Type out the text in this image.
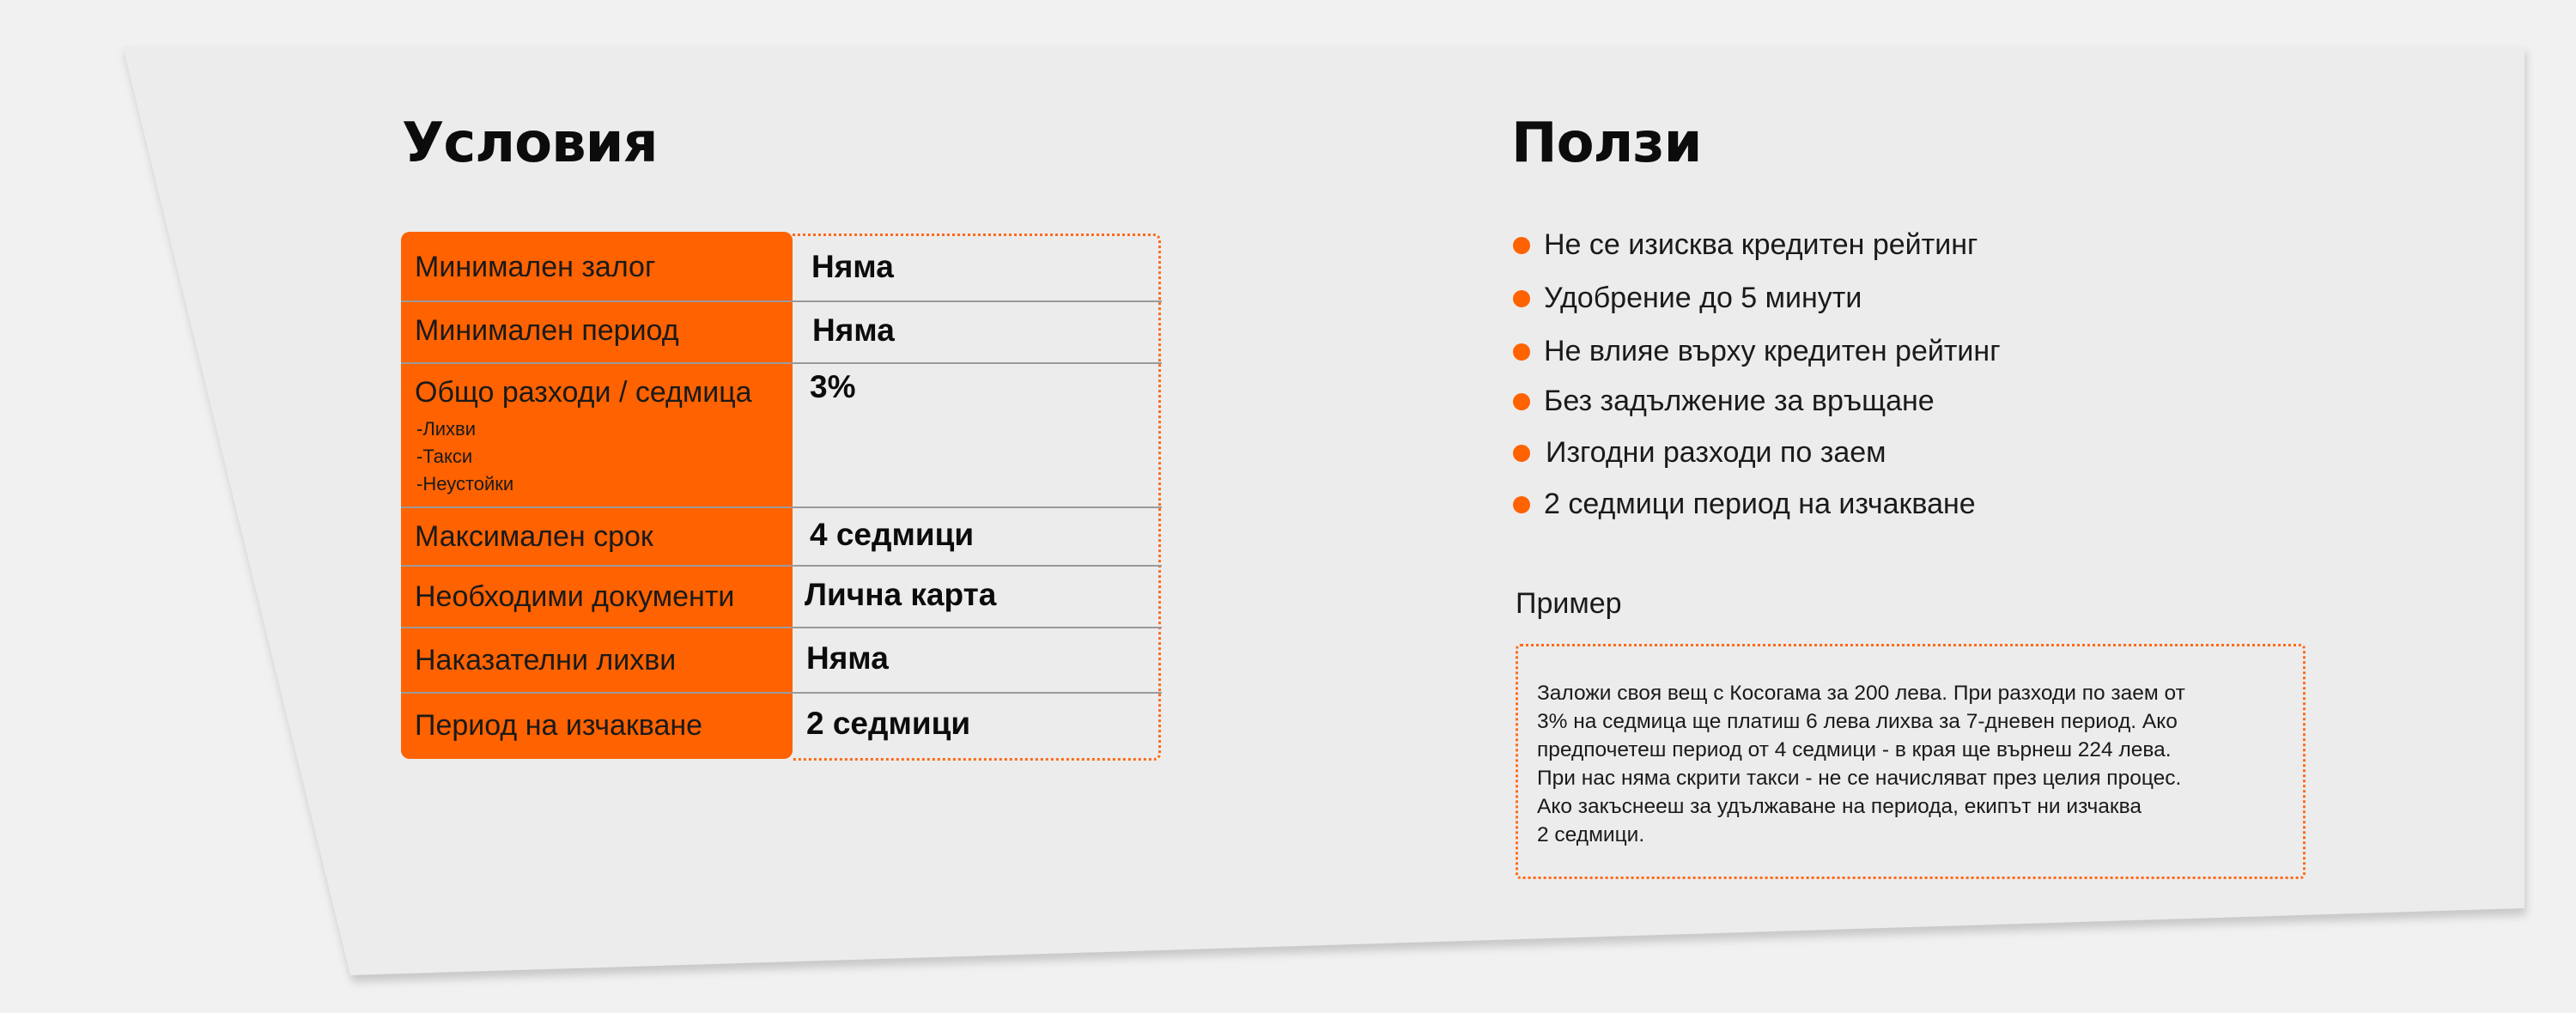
Условия	Ползи
Минимален залог	Няма
Минимален период	Няма
Общо разходи / седмица 3%
-Лихви
-Такси
-Неустойки
Максимален срок	4 седмици
Необходими документи Лична карта
Наказателни лихви	Няма
Период на изчакване	2 седмици
Не се изисква кредитен рейтинг
Удобрение до 5 минути
Не влияе върху кредитен рейтинг
Без задължение за връщане
Изгодни разходи по заем
2 седмици период на изчакване
Пример

Заложи своя вещ с Косогама за 200 лева. При разходи по заем от
3% на седмица ще платиш 6 лева лихва за 7-дневен период. Ако
предпочетеш период от 4 седмици - в края ще върнеш 224 лева.
При нас няма скрити такси - не се начисляват през целия процес.
Ако закъснееш за удължаване на периода, екипът ни изчаква
2 седмици.
